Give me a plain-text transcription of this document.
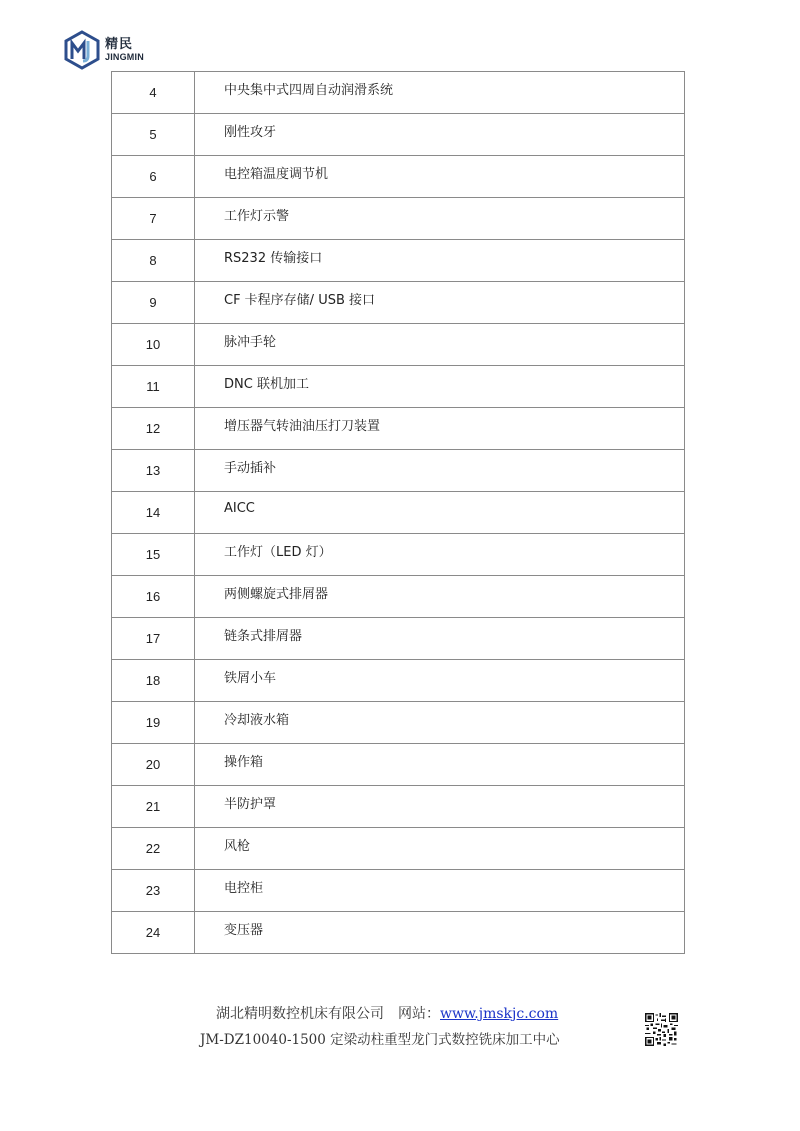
精民
JINGMIN
4	中央集中式四周自动润滑系统
5	刚性攻牙
6	电控箱温度调节机
7	工作灯示警
8	RS232 传输接口
9	CF 卡程序存储/ USB 接口
10	脉冲手轮
11	DNC 联机加工
12	增压器气转油油压打刀装置
13	手动插补
14	AICC
15	工作灯（LED 灯）
16	两侧螺旋式排屑器
17	链条式排屑器
18	铁屑小车
19	冷却液水箱
20	操作箱
21	半防护罩
22	风枪
23	电控柜
24	变压器
湖北精明数控机床有限公司 网站：www.jmskjc.com
JM-DZ10040-1500 定梁动柱重型龙门式数控铣床加工中心
